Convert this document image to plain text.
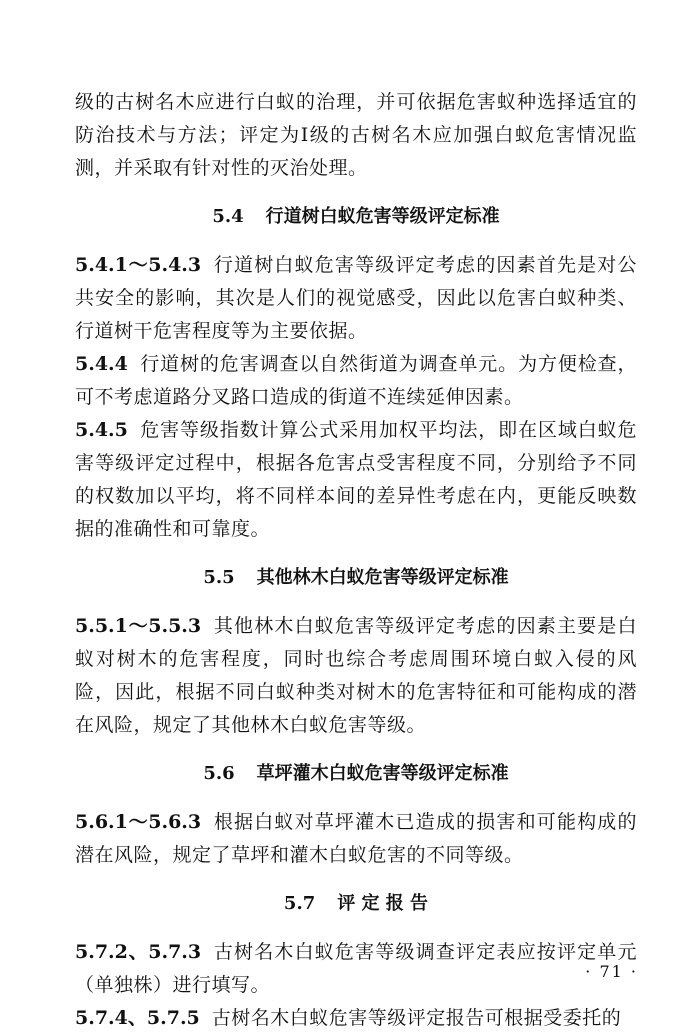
级的古树名木应进行白蚁的治理，并可依据危害蚁种选择适宜的防治技术与方法；评定为Ⅰ级的古树名木应加强白蚁危害情况监测，并采取有针对性的灭治处理。

5.4 行道树白蚁危害等级评定标准

5.4.1～5.4.3 行道树白蚁危害等级评定考虑的因素首先是对公共安全的影响，其次是人们的视觉感受，因此以危害白蚁种类、行道树干危害程度等为主要依据。

5.4.4 行道树的危害调查以自然街道为调查单元。为方便检查，可不考虑道路分叉路口造成的街道不连续延伸因素。

5.4.5 危害等级指数计算公式采用加权平均法，即在区域白蚁危害等级评定过程中，根据各危害点受害程度不同，分别给予不同的权数加以平均，将不同样本间的差异性考虑在内，更能反映数据的准确性和可靠度。

5.5 其他林木白蚁危害等级评定标准

5.5.1～5.5.3 其他林木白蚁危害等级评定考虑的因素主要是白蚁对树木的危害程度，同时也综合考虑周围环境白蚁入侵的风险，因此，根据不同白蚁种类对树木的危害特征和可能构成的潜在风险，规定了其他林木白蚁危害等级。

5.6 草坪灌木白蚁危害等级评定标准

5.6.1～5.6.3 根据白蚁对草坪灌木已造成的损害和可能构成的潜在风险，规定了草坪和灌木白蚁危害的不同等级。

5.7 评 定 报 告

5.7.2、5.7.3 古树名木白蚁危害等级调查评定表应按评定单元（单独株）进行填写。

5.7.4、5.7.5 古树名木白蚁危害等级评定报告可根据受委托的

· 71 ·
